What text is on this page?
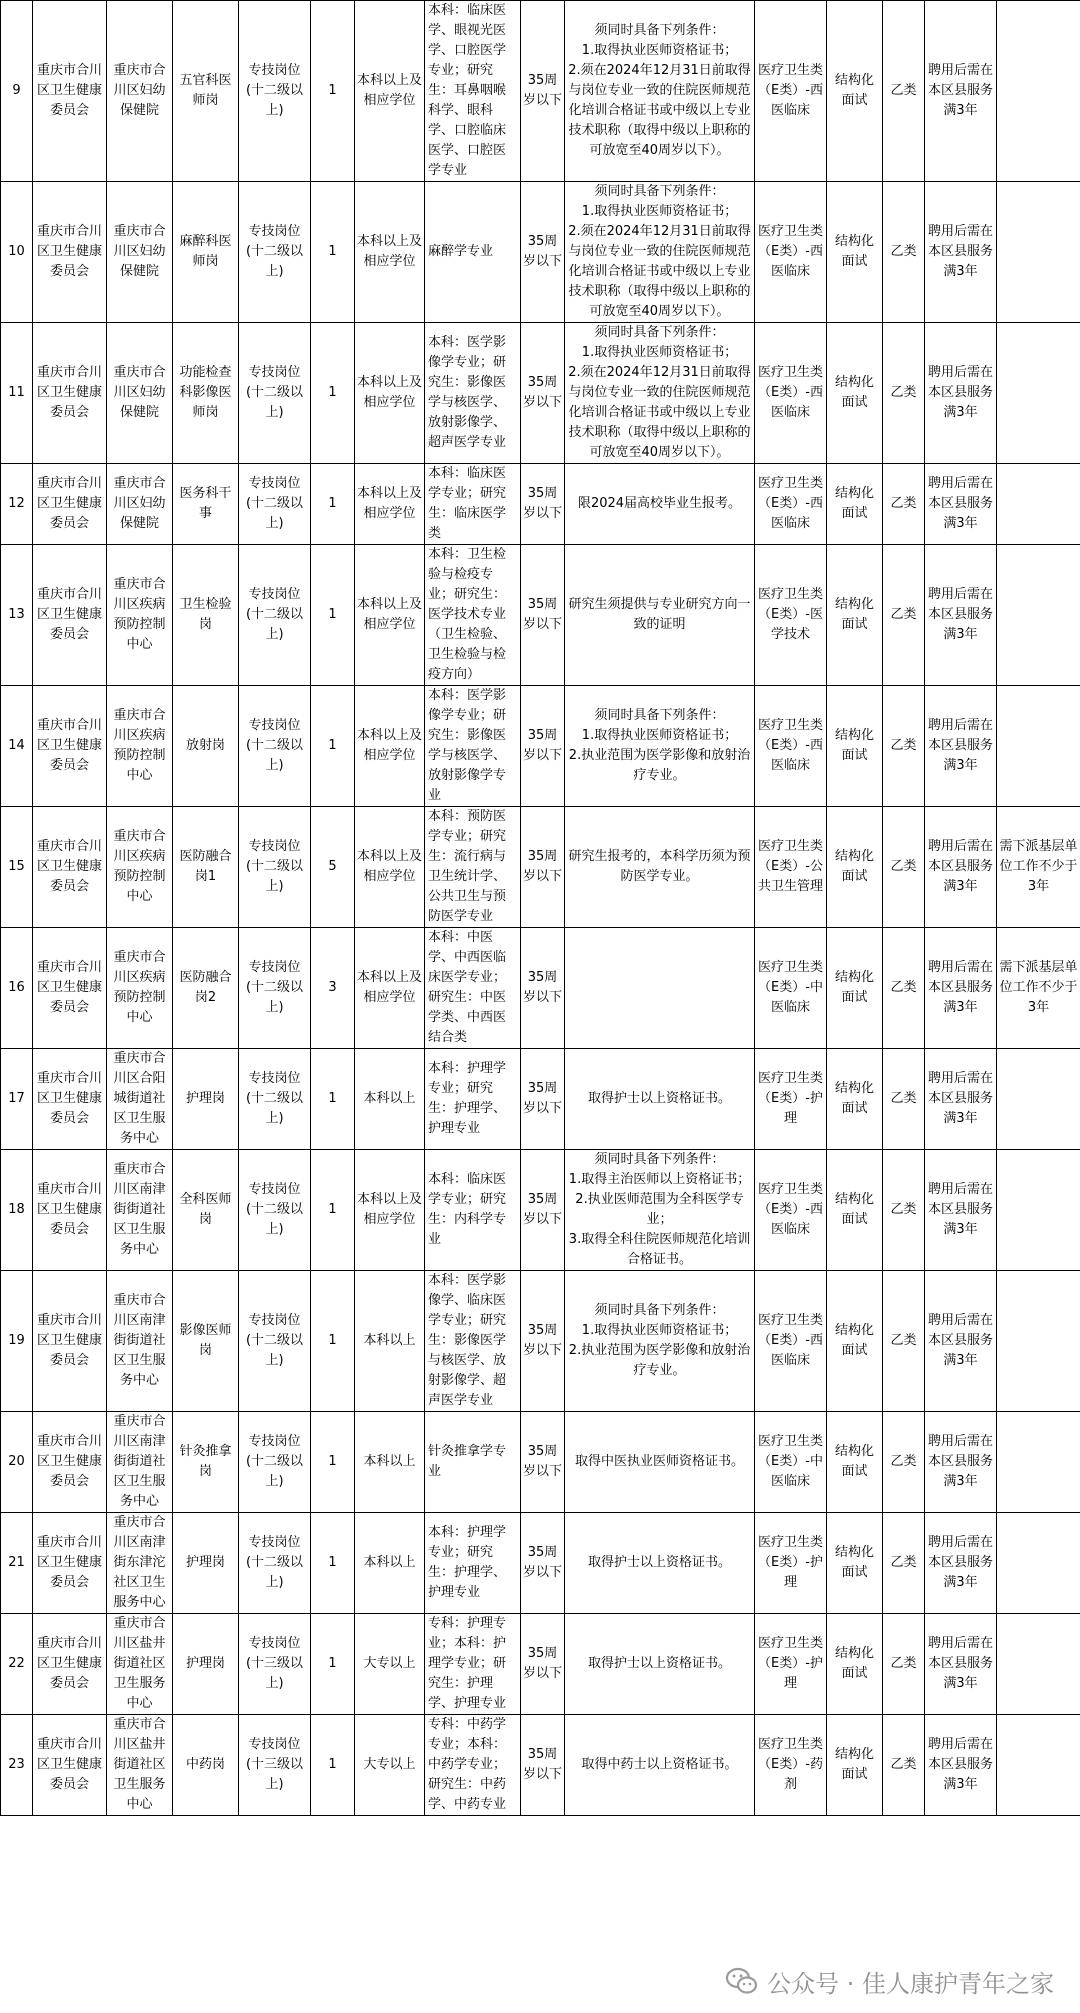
9	重庆市合川区卫生健康委员会	重庆市合川区妇幼保健院	五官科医师岗	专技岗位(十二级以上)	1	本科以上及相应学位	本科：临床医学、眼视光医学、口腔医学专业；研究生：耳鼻咽喉科学、眼科学、口腔临床医学、口腔医学专业	35周岁以下	须同时具备下列条件：
1.取得执业医师资格证书；
2.须在2024年12月31日前取得与岗位专业一致的住院医师规范化培训合格证书或中级以上专业技术职称（取得中级以上职称的可放宽至40周岁以下）。	医疗卫生类（E类）-西医临床	结构化面试	乙类	聘用后需在本区县服务满3年	
10	重庆市合川区卫生健康委员会	重庆市合川区妇幼保健院	麻醉科医师岗	专技岗位(十二级以上)	1	本科以上及相应学位	麻醉学专业	35周岁以下	须同时具备下列条件：
1.取得执业医师资格证书；
2.须在2024年12月31日前取得与岗位专业一致的住院医师规范化培训合格证书或中级以上专业技术职称（取得中级以上职称的可放宽至40周岁以下）。	医疗卫生类（E类）-西医临床	结构化面试	乙类	聘用后需在本区县服务满3年	
11	重庆市合川区卫生健康委员会	重庆市合川区妇幼保健院	功能检查科影像医师岗	专技岗位(十二级以上)	1	本科以上及相应学位	本科：医学影像学专业；研究生：影像医学与核医学、放射影像学、超声医学专业	35周岁以下	须同时具备下列条件：
1.取得执业医师资格证书；
2.须在2024年12月31日前取得与岗位专业一致的住院医师规范化培训合格证书或中级以上专业技术职称（取得中级以上职称的可放宽至40周岁以下）。	医疗卫生类（E类）-西医临床	结构化面试	乙类	聘用后需在本区县服务满3年	
12	重庆市合川区卫生健康委员会	重庆市合川区妇幼保健院	医务科干事	专技岗位(十二级以上)	1	本科以上及相应学位	本科：临床医学专业；研究生：临床医学类	35周岁以下	限2024届高校毕业生报考。	医疗卫生类（E类）-西医临床	结构化面试	乙类	聘用后需在本区县服务满3年	
13	重庆市合川区卫生健康委员会	重庆市合川区疾病预防控制中心	卫生检验岗	专技岗位(十二级以上)	1	本科以上及相应学位	本科：卫生检验与检疫专业；研究生：医学技术专业（卫生检验、卫生检验与检疫方向）	35周岁以下	研究生须提供与专业研究方向一致的证明	医疗卫生类（E类）-医学技术	结构化面试	乙类	聘用后需在本区县服务满3年	
14	重庆市合川区卫生健康委员会	重庆市合川区疾病预防控制中心	放射岗	专技岗位(十二级以上)	1	本科以上及相应学位	本科：医学影像学专业；研究生：影像医学与核医学、放射影像学专业	35周岁以下	须同时具备下列条件：
1.取得执业医师资格证书；
2.执业范围为医学影像和放射治疗专业。	医疗卫生类（E类）-西医临床	结构化面试	乙类	聘用后需在本区县服务满3年	
15	重庆市合川区卫生健康委员会	重庆市合川区疾病预防控制中心	医防融合岗1	专技岗位(十二级以上)	5	本科以上及相应学位	本科：预防医学专业；研究生：流行病与卫生统计学、公共卫生与预防医学专业	35周岁以下	研究生报考的，本科学历须为预防医学专业。	医疗卫生类（E类）-公共卫生管理	结构化面试	乙类	聘用后需在本区县服务满3年	需下派基层单位工作不少于3年
16	重庆市合川区卫生健康委员会	重庆市合川区疾病预防控制中心	医防融合岗2	专技岗位(十二级以上)	3	本科以上及相应学位	本科：中医学、中西医临床医学专业；研究生：中医学类、中西医结合类	35周岁以下		医疗卫生类（E类）-中医临床	结构化面试	乙类	聘用后需在本区县服务满3年	需下派基层单位工作不少于3年
17	重庆市合川区卫生健康委员会	重庆市合川区合阳城街道社区卫生服务中心	护理岗	专技岗位(十二级以上)	1	本科以上	本科：护理学专业；研究生：护理学、护理专业	35周岁以下	取得护士以上资格证书。	医疗卫生类（E类）-护理	结构化面试	乙类	聘用后需在本区县服务满3年	
18	重庆市合川区卫生健康委员会	重庆市合川区南津街街道社区卫生服务中心	全科医师岗	专技岗位(十二级以上)	1	本科以上及相应学位	本科：临床医学专业；研究生：内科学专业	35周岁以下	须同时具备下列条件：
1.取得主治医师以上资格证书；
2.执业医师范围为全科医学专业；
3.取得全科住院医师规范化培训合格证书。	医疗卫生类（E类）-西医临床	结构化面试	乙类	聘用后需在本区县服务满3年	
19	重庆市合川区卫生健康委员会	重庆市合川区南津街街道社区卫生服务中心	影像医师岗	专技岗位(十二级以上)	1	本科以上	本科：医学影像学、临床医学专业；研究生：影像医学与核医学、放射影像学、超声医学专业	35周岁以下	须同时具备下列条件：
1.取得执业医师资格证书；
2.执业范围为医学影像和放射治疗专业。	医疗卫生类（E类）-西医临床	结构化面试	乙类	聘用后需在本区县服务满3年	
20	重庆市合川区卫生健康委员会	重庆市合川区南津街街道社区卫生服务中心	针灸推拿岗	专技岗位(十二级以上)	1	本科以上	针灸推拿学专业	35周岁以下	取得中医执业医师资格证书。	医疗卫生类（E类）-中医临床	结构化面试	乙类	聘用后需在本区县服务满3年	
21	重庆市合川区卫生健康委员会	重庆市合川区南津街东津沱社区卫生服务中心	护理岗	专技岗位(十二级以上)	1	本科以上	本科：护理学专业；研究生：护理学、护理专业	35周岁以下	取得护士以上资格证书。	医疗卫生类（E类）-护理	结构化面试	乙类	聘用后需在本区县服务满3年	
22	重庆市合川区卫生健康委员会	重庆市合川区盐井街道社区卫生服务中心	护理岗	专技岗位(十三级以上)	1	大专以上	专科：护理专业；本科：护理学专业；研究生：护理学、护理专业	35周岁以下	取得护士以上资格证书。	医疗卫生类（E类）-护理	结构化面试	乙类	聘用后需在本区县服务满3年	
23	重庆市合川区卫生健康委员会	重庆市合川区盐井街道社区卫生服务中心	中药岗	专技岗位(十三级以上)	1	大专以上	专科：中药学专业；本科：中药学专业；研究生：中药学、中药专业	35周岁以下	取得中药士以上资格证书。	医疗卫生类（E类）-药剂	结构化面试	乙类	聘用后需在本区县服务满3年	
公众号 · 佳人康护青年之家
